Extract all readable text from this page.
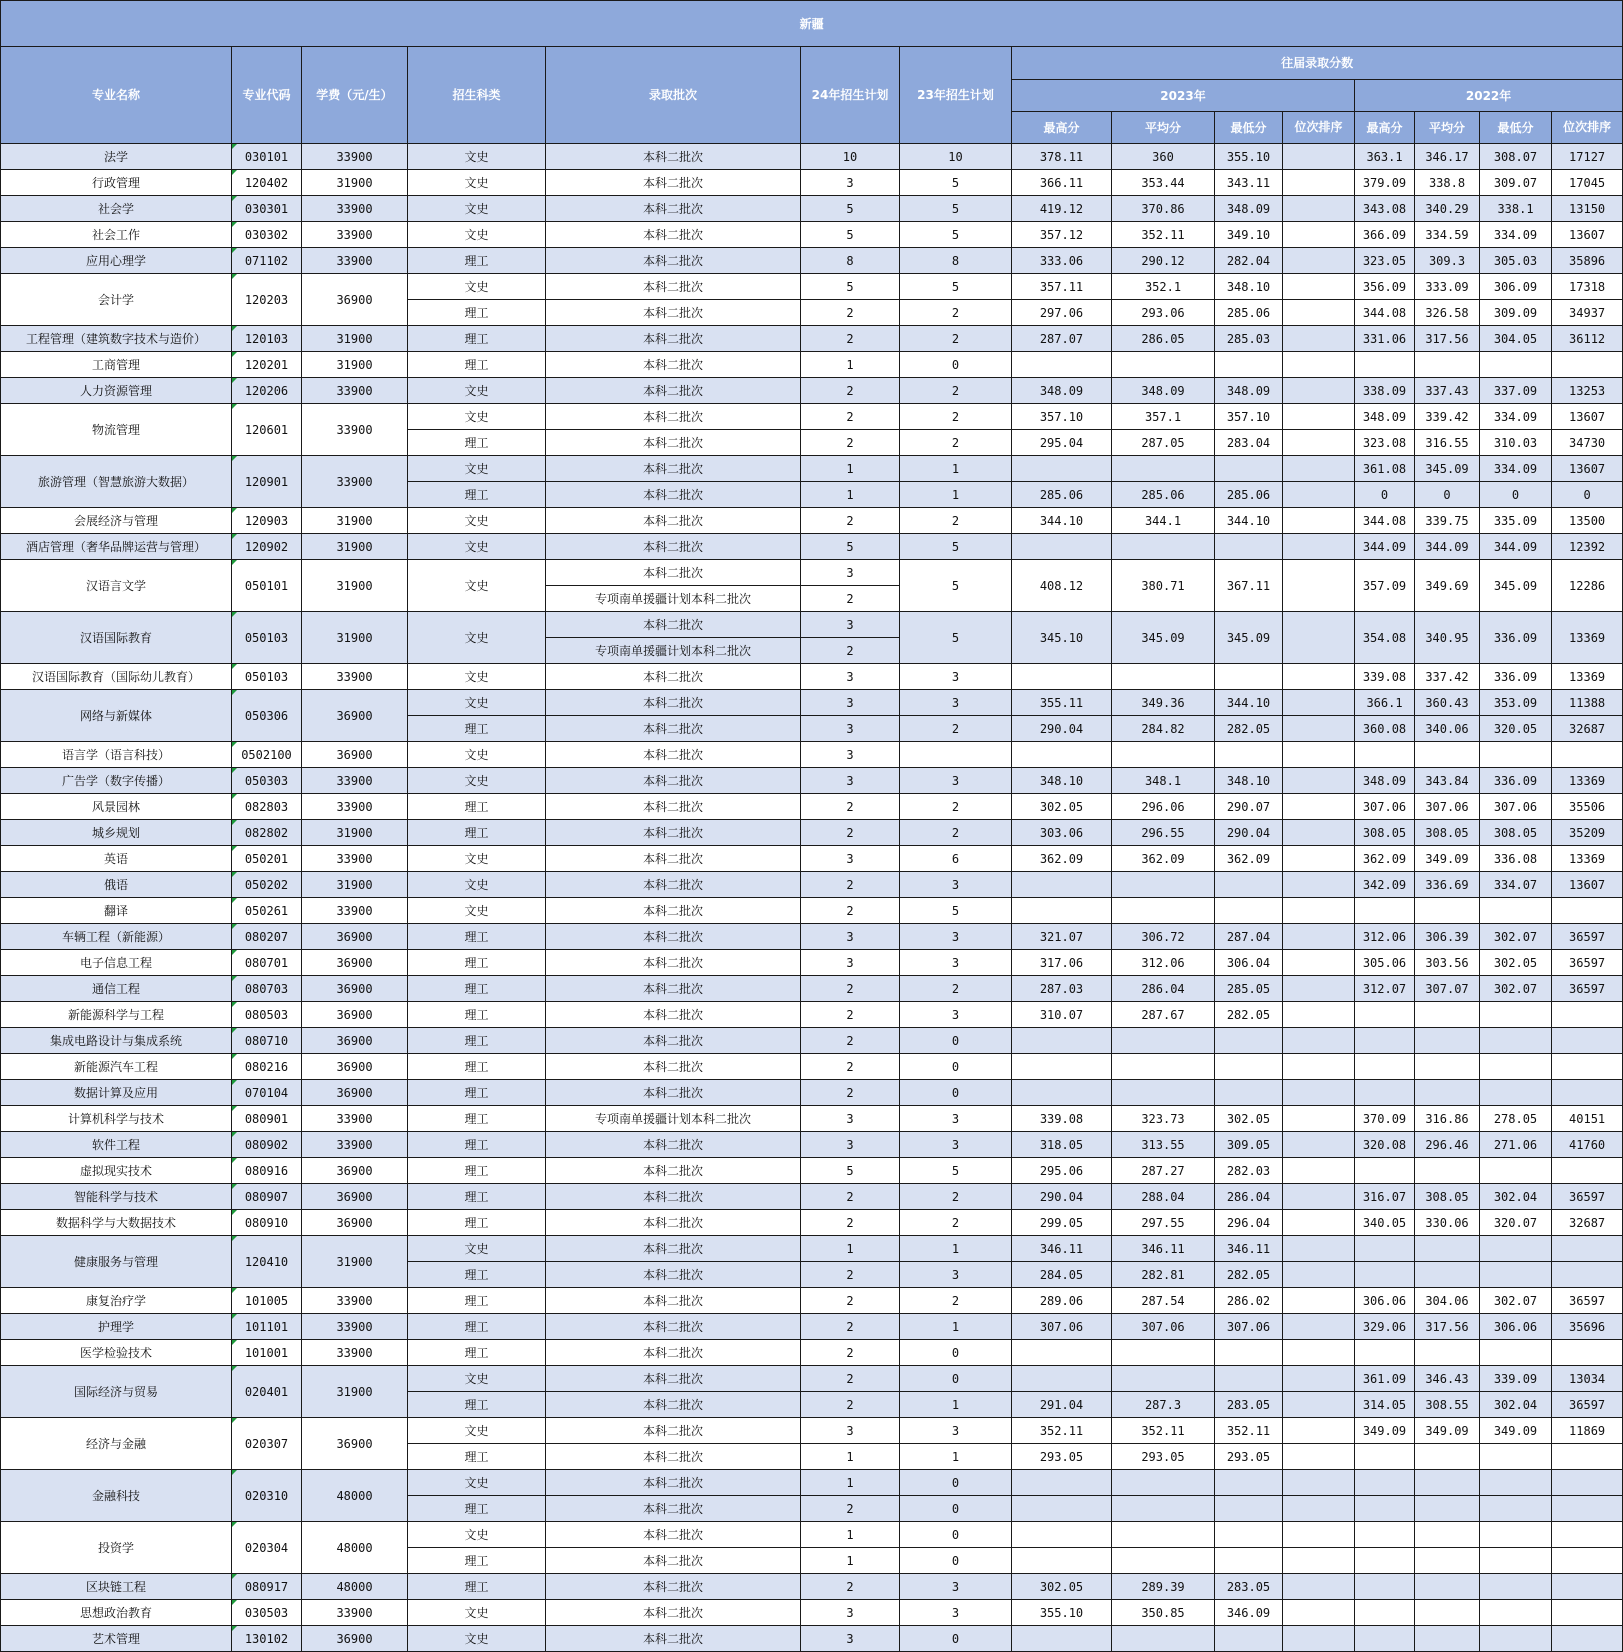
新疆														
专业名称	专业代码	学费（元/生）	招生科类	录取批次	24年招生计划	23年招生计划	往届录取分数							
							2023年				2022年			
							最高分	平均分	最低分	位次排序	最高分	平均分	最低分	位次排序
法学	030101	33900	文史	本科二批次	10	10	378.11	360	355.10		363.1	346.17	308.07	17127
行政管理	120402	31900	文史	本科二批次	3	5	366.11	353.44	343.11		379.09	338.8	309.07	17045
社会学	030301	33900	文史	本科二批次	5	5	419.12	370.86	348.09		343.08	340.29	338.1	13150
社会工作	030302	33900	文史	本科二批次	5	5	357.12	352.11	349.10		366.09	334.59	334.09	13607
应用心理学	071102	33900	理工	本科二批次	8	8	333.06	290.12	282.04		323.05	309.3	305.03	35896
会计学	120203	36900	文史	本科二批次	5	5	357.11	352.1	348.10		356.09	333.09	306.09	17318
			理工	本科二批次	2	2	297.06	293.06	285.06		344.08	326.58	309.09	34937
工程管理（建筑数字技术与造价）	120103	31900	理工	本科二批次	2	2	287.07	286.05	285.03		331.06	317.56	304.05	36112
工商管理	120201	31900	理工	本科二批次	1	0								
人力资源管理	120206	33900	文史	本科二批次	2	2	348.09	348.09	348.09		338.09	337.43	337.09	13253
物流管理	120601	33900	文史	本科二批次	2	2	357.10	357.1	357.10		348.09	339.42	334.09	13607
			理工	本科二批次	2	2	295.04	287.05	283.04		323.08	316.55	310.03	34730
旅游管理（智慧旅游大数据）	120901	33900	文史	本科二批次	1	1					361.08	345.09	334.09	13607
			理工	本科二批次	1	1	285.06	285.06	285.06		0	0	0	0
会展经济与管理	120903	31900	文史	本科二批次	2	2	344.10	344.1	344.10		344.08	339.75	335.09	13500
酒店管理（奢华品牌运营与管理）	120902	31900	文史	本科二批次	5	5					344.09	344.09	344.09	12392
汉语言文学	050101	31900	文史	本科二批次	3	5	408.12	380.71	367.11		357.09	349.69	345.09	12286
				专项南单援疆计划本科二批次	2									
汉语国际教育	050103	31900	文史	本科二批次	3	5	345.10	345.09	345.09		354.08	340.95	336.09	13369
				专项南单援疆计划本科二批次	2									
汉语国际教育（国际幼儿教育）	050103	33900	文史	本科二批次	3	3					339.08	337.42	336.09	13369
网络与新媒体	050306	36900	文史	本科二批次	3	3	355.11	349.36	344.10		366.1	360.43	353.09	11388
			理工	本科二批次	3	2	290.04	284.82	282.05		360.08	340.06	320.05	32687
语言学（语言科技）	0502100	36900	文史	本科二批次	3									
广告学（数字传播）	050303	33900	文史	本科二批次	3	3	348.10	348.1	348.10		348.09	343.84	336.09	13369
风景园林	082803	33900	理工	本科二批次	2	2	302.05	296.06	290.07		307.06	307.06	307.06	35506
城乡规划	082802	31900	理工	本科二批次	2	2	303.06	296.55	290.04		308.05	308.05	308.05	35209
英语	050201	33900	文史	本科二批次	3	6	362.09	362.09	362.09		362.09	349.09	336.08	13369
俄语	050202	31900	文史	本科二批次	2	3					342.09	336.69	334.07	13607
翻译	050261	33900	文史	本科二批次	2	5								
车辆工程（新能源）	080207	36900	理工	本科二批次	3	3	321.07	306.72	287.04		312.06	306.39	302.07	36597
电子信息工程	080701	36900	理工	本科二批次	3	3	317.06	312.06	306.04		305.06	303.56	302.05	36597
通信工程	080703	36900	理工	本科二批次	2	2	287.03	286.04	285.05		312.07	307.07	302.07	36597
新能源科学与工程	080503	36900	理工	本科二批次	2	3	310.07	287.67	282.05					
集成电路设计与集成系统	080710	36900	理工	本科二批次	2	0								
新能源汽车工程	080216	36900	理工	本科二批次	2	0								
数据计算及应用	070104	36900	理工	本科二批次	2	0								
计算机科学与技术	080901	33900	理工	专项南单援疆计划本科二批次	3	3	339.08	323.73	302.05		370.09	316.86	278.05	40151
软件工程	080902	33900	理工	本科二批次	3	3	318.05	313.55	309.05		320.08	296.46	271.06	41760
虚拟现实技术	080916	36900	理工	本科二批次	5	5	295.06	287.27	282.03					
智能科学与技术	080907	36900	理工	本科二批次	2	2	290.04	288.04	286.04		316.07	308.05	302.04	36597
数据科学与大数据技术	080910	36900	理工	本科二批次	2	2	299.05	297.55	296.04		340.05	330.06	320.07	32687
健康服务与管理	120410	31900	文史	本科二批次	1	1	346.11	346.11	346.11					
			理工	本科二批次	2	3	284.05	282.81	282.05					
康复治疗学	101005	33900	理工	本科二批次	2	2	289.06	287.54	286.02		306.06	304.06	302.07	36597
护理学	101101	33900	理工	本科二批次	2	1	307.06	307.06	307.06		329.06	317.56	306.06	35696
医学检验技术	101001	33900	理工	本科二批次	2	0								
国际经济与贸易	020401	31900	文史	本科二批次	2	0					361.09	346.43	339.09	13034
			理工	本科二批次	2	1	291.04	287.3	283.05		314.05	308.55	302.04	36597
经济与金融	020307	36900	文史	本科二批次	3	3	352.11	352.11	352.11		349.09	349.09	349.09	11869
			理工	本科二批次	1	1	293.05	293.05	293.05					
金融科技	020310	48000	文史	本科二批次	1	0								
			理工	本科二批次	2	0								
投资学	020304	48000	文史	本科二批次	1	0								
			理工	本科二批次	1	0								
区块链工程	080917	48000	理工	本科二批次	2	3	302.05	289.39	283.05					
思想政治教育	030503	33900	文史	本科二批次	3	3	355.10	350.85	346.09					
艺术管理	130102	36900	文史	本科二批次	3	0								
